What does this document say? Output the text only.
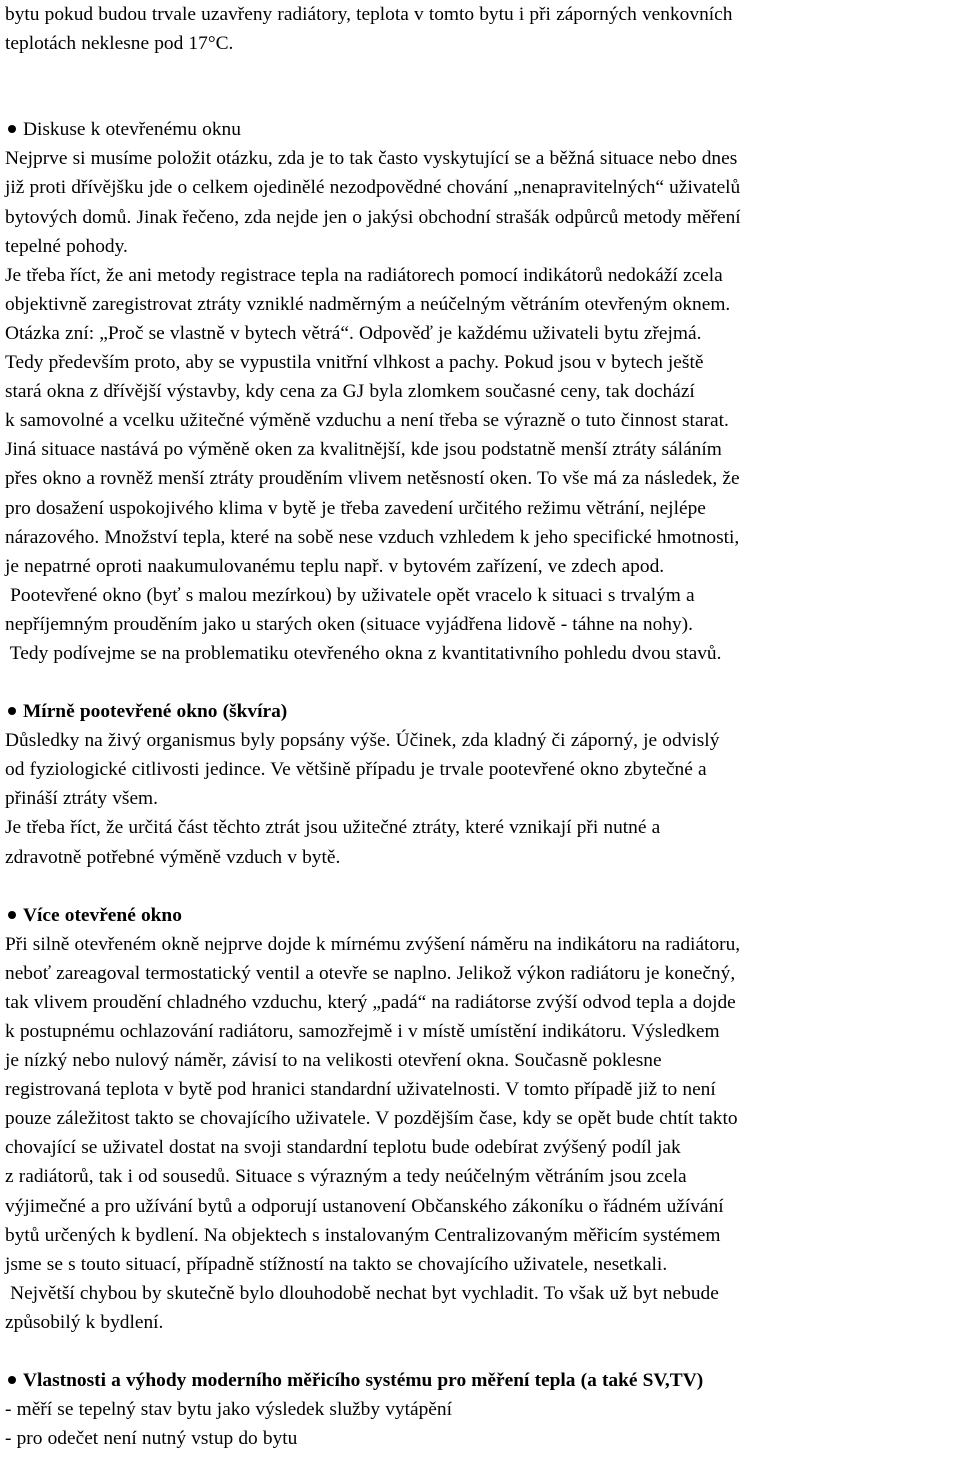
bytu pokud budou trvale uzavřeny radiátory, teplota v tomto bytu i při záporných venkovních
teplotách neklesne pod 17°C.
Diskuse k otevřenému oknu
Nejprve si musíme položit otázku, zda je to tak často vyskytující se a běžná situace nebo dnes
již proti dřívějšku jde o celkem ojedinělé nezodpovědné chování „nenapravitelných“ uživatelů
bytových domů. Jinak řečeno, zda nejde jen o jakýsi obchodní strašák odpůrců metody měření
tepelné pohody.
Je třeba říct, že ani metody registrace tepla na radiátorech pomocí indikátorů nedokáží zcela
objektivně zaregistrovat ztráty vzniklé nadměrným a neúčelným větráním otevřeným oknem.
Otázka zní: „Proč se vlastně v bytech větrá“. Odpověď je každému uživateli bytu zřejmá.
Tedy především proto, aby se vypustila vnitřní vlhkost a pachy. Pokud jsou v bytech ještě
stará okna z dřívější výstavby, kdy cena za GJ byla zlomkem současné ceny, tak dochází
k samovolné a vcelku užitečné výměně vzduchu a není třeba se výrazně o tuto činnost starat.
Jiná situace nastává po výměně oken za kvalitnější, kde jsou podstatně menší ztráty sáláním
přes okno a rovněž menší ztráty prouděním vlivem netěsností oken. To vše má za následek, že
pro dosažení uspokojivého klima v bytě je třeba zavedení určitého režimu větrání, nejlépe
nárazového. Množství tepla, které na sobě nese vzduch vzhledem k jeho specifické hmotnosti,
je nepatrné oproti naakumulovanému teplu např. v bytovém zařízení, ve zdech apod.
Pootevřené okno (byť s malou mezírkou) by uživatele opět vracelo k situaci s trvalým a
nepříjemným prouděním jako u starých oken (situace vyjádřena lidově - táhne na nohy).
Tedy podívejme se na problematiku otevřeného okna z kvantitativního pohledu dvou stavů.
Mírně pootevřené okno (škvíra)
Důsledky na živý organismus byly popsány výše. Účinek, zda kladný či záporný, je odvislý
od fyziologické citlivosti jedince. Ve většině případu je trvale pootevřené okno zbytečné a
přináší ztráty všem.
Je třeba říct, že určitá část těchto ztrát jsou užitečné ztráty, které vznikají při nutné a
zdravotně potřebné výměně vzduch v bytě.
Více otevřené okno
Při silně otevřeném okně nejprve dojde k mírnému zvýšení náměru na indikátoru na radiátoru,
neboť zareagoval termostatický ventil a otevře se naplno. Jelikož výkon radiátoru je konečný,
tak vlivem proudění chladného vzduchu, který „padá“ na radiátorse zvýší odvod tepla a dojde
k postupnému ochlazování radiátoru, samozřejmě i v místě umístění indikátoru. Výsledkem
je nízký nebo nulový náměr, závisí to na velikosti otevření okna. Současně poklesne
registrovaná teplota v bytě pod hranici standardní uživatelnosti. V tomto případě již to není
pouze záležitost takto se chovajícího uživatele. V pozdějším čase, kdy se opět bude chtít takto
chovající se uživatel dostat na svoji standardní teplotu bude odebírat zvýšený podíl jak
z radiátorů, tak i od sousedů. Situace s výrazným a tedy neúčelným větráním jsou zcela
výjimečné a pro užívání bytů a odporují ustanovení Občanského zákoníku o řádném užívání
bytů určených k bydlení. Na objektech s instalovaným Centralizovaným měřicím systémem
jsme se s touto situací, případně stížností na takto se chovajícího uživatele, nesetkali.
Největší chybou by skutečně bylo dlouhodobě nechat byt vychladit. To však už byt nebude
způsobilý k bydlení.
Vlastnosti a výhody moderního měřicího systému pro měření tepla (a také SV,TV)
- měří se tepelný stav bytu jako výsledek služby vytápění
- pro odečet není nutný vstup do bytu
